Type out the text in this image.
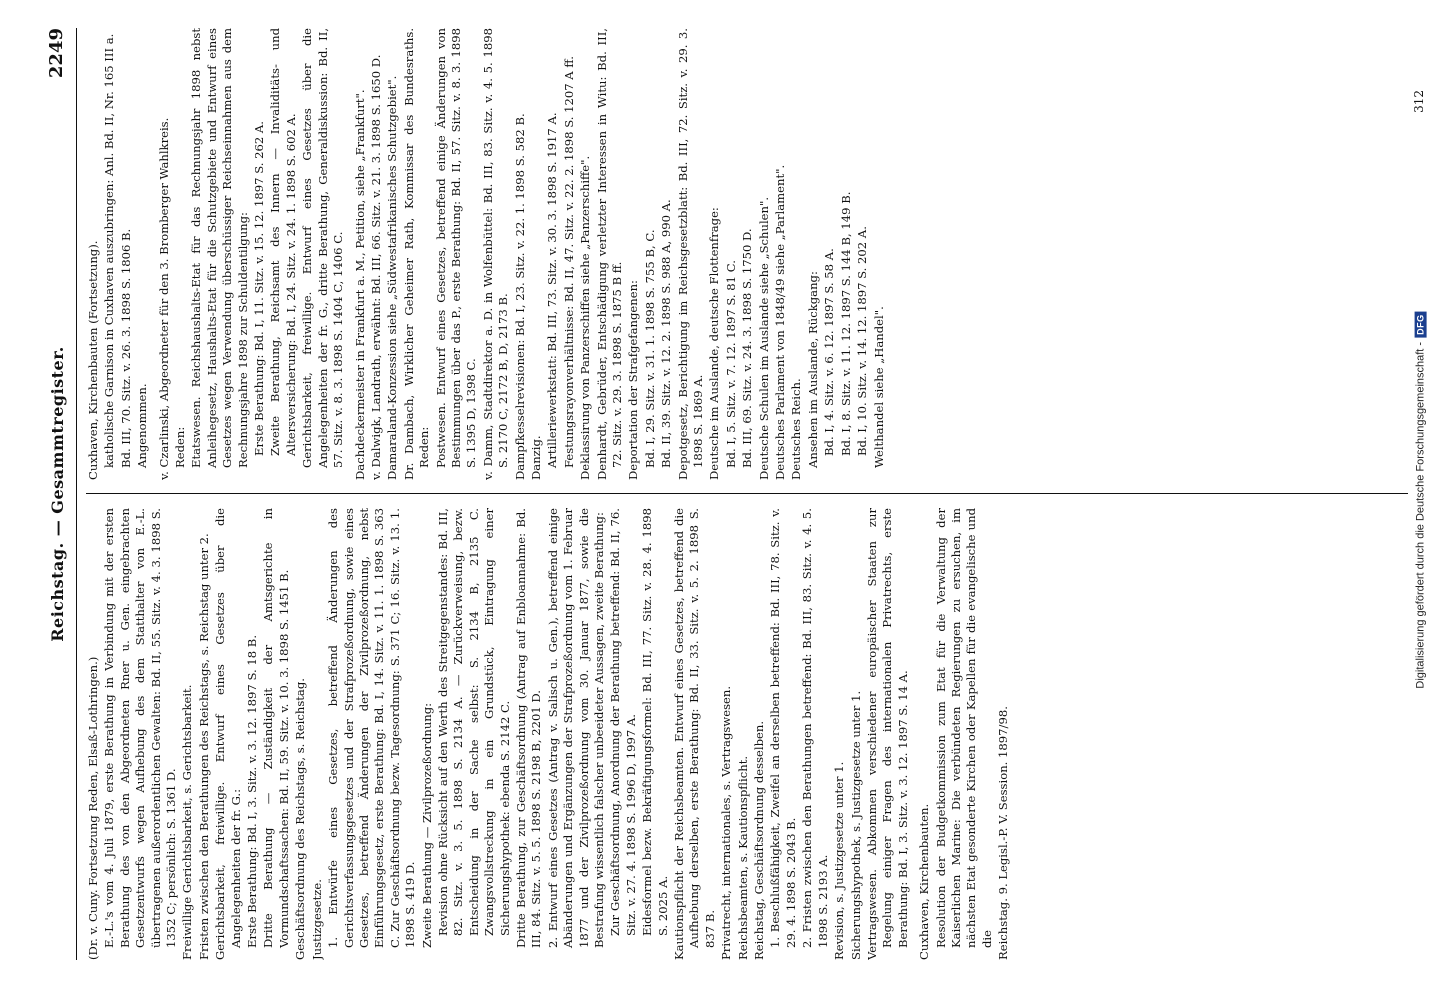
Reichstag. — Gesammtregister.
2249

(Dr. v. Cuny. Fortsetzung Reden, Elsaß-Lothringen.) E.-L.'s vom 4. Juli 1879, erste Berathung in Verbindung mit der ersten Berathung des von den Abgeordneten Rner u. Gen. eingebrachten Gesetzentwurfs wegen Aufhebung des dem Statthalter von E.-L. übertragenen außerordentlichen Gewalten: Bd. II, 55. Sitz. v. 4. 3. 1898 S. 1352 C; persönlich: S. 1361 D. Freiwillige Gerichtsbarkeit, s. Gerichtsbarkeit. Fristen zwischen den Berathungen des Reichstags, s. Reichstag unter 2. Gerichtsbarkeit, freiwillige. Entwurf eines Gesetzes über die Angelegenheiten der fr. G.: Erste Berathung: Bd. I, 3. Sitz. v. 3. 12. 1897 S. 18 B. Dritte Berathung — Zuständigkeit der Amtsgerichte in Vormundschaftssachen: Bd. II, 59. Sitz. v. 10. 3. 1898 S. 1451 B. Geschäftsordnung des Reichstags, s. Reichstag. Justizgesetze. 1. Entwürfe eines Gesetzes, betreffend Änderungen des Gerichtsverfassungsgesetzes und der Strafprozeßordnung, sowie eines Gesetzes, betreffend Änderungen der Zivilprozeßordnung, nebst Einführungsgesetz, erste Berathung: Bd. I, 14. Sitz. v. 11. 1. 1898 S. 363 C. Zur Geschäftsordnung bezw. Tagesordnung: S. 371 C; 16. Sitz. v. 13. 1. 1898 S. 419 D. Zweite Berathung — Zivilprozeßordnung: Revision ohne Rücksicht auf den Werth des Streitgegenstandes: Bd. III, 82. Sitz. v. 3. 5. 1898 S. 2134 A. — Zurückverweisung, bezw. Entscheidung in der Sache selbst: S. 2134 B, 2135 C. Zwangsvollstreckung in ein Grundstück, Eintragung einer Sicherungshypothek: ebenda S. 2142 C. Dritte Berathung, zur Geschäftsordnung (Antrag auf Enbloannahme: Bd. III, 84. Sitz. v. 5. 5. 1898 S. 2198 B, 2201 D. 2. Entwurf eines Gesetzes (Antrag v. Salisch u. Gen.), betreffend einige Abänderungen und Ergänzungen der Strafprozeßordnung vom 1. Februar 1877 und der Zivilprozeßordnung vom 30. Januar 1877, sowie die Bestrafung wissentlich falscher unbeeideter Aussagen, zweite Berathung: Zur Geschäftsordnung, Anordnung der Berathung betreffend: Bd. II, 76. Sitz. v. 27. 4. 1898 S. 1996 D, 1997 A. Eidesformel bezw. Bekräftigungsformel: Bd. III, 77. Sitz. v. 28. 4. 1898 S. 2025 A. Kautionspflicht der Reichsbeamten. Entwurf eines Gesetzes, betreffend die Aufhebung derselben, erste Berathung: Bd. II, 33. Sitz. v. 5. 2. 1898 S. 837 B. Privatrecht, internationales, s. Vertragswesen. Reichsbeamten, s. Kautionspflicht. Reichstag, Geschäftsordnung desselben. 1. Beschlußfähigkeit, Zweifel an derselben betreffend: Bd. III, 78. Sitz. v. 29. 4. 1898 S. 2043 B. 2. Fristen zwischen den Berathungen betreffend: Bd. III, 83. Sitz. v. 4. 5. 1898 S. 2193 A. Revision, s. Justizgesetze unter 1. Sicherungshypothek, s. Justizgesetze unter 1. Vertragswesen. Abkommen verschiedener europäischer Staaten zur Regelung einiger Fragen des internationalen Privatrechts, erste Berathung: Bd. I, 3. Sitz. v. 3. 12. 1897 S. 14 A. Cuxhaven, Kirchenbauten. Resolution der Budgetkommission zum Etat für die Verwaltung der Kaiserlichen Marine: Die verbündeten Regierungen zu ersuchen, im nächsten Etat gesonderte Kirchen oder Kapellen für die evangelische und die Reichstag. 9. Legisl.-P. V. Session. 1897/98.

Cuxhaven, Kirchenbauten (Fortsetzung). katholische Garnison in Cuxhaven auszubringen: Anl. Bd. II, Nr. 165 III a. Bd. III, 70. Sitz. v. 26. 3. 1898 S. 1806 B. Angenommen. v. Czarlinski, Abgeordneter für den 3. Bromberger Wahlkreis. Reden: Etatswesen. Reichshaushalts-Etat für das Rechnungsjahr 1898 nebst Anleihegesetz, Haushalts-Etat für die Schutzgebiete und Entwurf eines Gesetzes wegen Verwendung überschüssiger Reichseinnahmen aus dem Rechnungsjahre 1898 zur Schuldentilgung: Erste Berathung: Bd. I, 11. Sitz. v. 15. 12. 1897 S. 262 A. Zweite Berathung, Reichsamt des Innern — Invaliditäts- und Altersversicherung: Bd. I, 24. Sitz. v. 24. 1. 1898 S. 602 A. Gerichtsbarkeit, freiwillige. Entwurf eines Gesetzes über die Angelegenheiten der fr. G., dritte Berathung, Generaldiskussion: Bd. II, 57. Sitz. v. 8. 3. 1898 S. 1404 C, 1406 C. Dachdeckermeister in Frankfurt a. M., Petition, siehe „Frankfurt". v. Dalwigk, Landrath, erwähnt: Bd. III, 66. Sitz. v. 21. 3. 1898 S. 1650 D. Damaraland-Konzession siehe „Südwestafrikanisches Schutzgebiet". Dr. Dambach, Wirklicher Geheimer Rath, Kommissar des Bundesraths. Reden: Postwesen. Entwurf eines Gesetzes, betreffend einige Änderungen von Bestimmungen über das P., erste Berathung: Bd. II, 57. Sitz. v. 8. 3. 1898 S. 1395 D, 1398 C. v. Damm, Stadtdirektor a. D. in Wolfenbüttel: Bd. III, 83. Sitz. v. 4. 5. 1898 S. 2170 C, 2172 B, D, 2173 B. Dampfkesselrevisionen: Bd. I, 23. Sitz. v. 22. 1. 1898 S. 582 B. Danzig. Artilleriewerkstatt: Bd. III, 73. Sitz. v. 30. 3. 1898 S. 1917 A. Festungsrayonverhältnisse: Bd. II, 47. Sitz. v. 22. 2. 1898 S. 1207 A ff. Deklassirung von Panzerschiffen siehe „Panzerschiffe". Denhardt, Gebrüder, Entschädigung verletzter Interessen in Witu: Bd. III, 72. Sitz. v. 29. 3. 1898 S. 1875 B ff. Deportation der Strafgefangenen: Bd. I, 29. Sitz. v. 31. 1. 1898 S. 755 B, C. Bd. II, 39. Sitz. v. 12. 2. 1898 S. 988 A, 990 A. Depotgesetz, Berichtigung im Reichsgesetzblatt: Bd. III, 72. Sitz. v. 29. 3. 1898 S. 1869 A. Deutsche im Auslande, deutsche Flottenfrage: Bd. I, 5. Sitz. v. 7. 12. 1897 S. 81 C. Bd. III, 69. Sitz. v. 24. 3. 1898 S. 1750 D. Deutsche Schulen im Auslande siehe „Schulen". Deutsches Parlament von 1848/49 siehe „Parlament". Deutsches Reich. Ansehen im Auslande, Rückgang: Bd. I, 4. Sitz. v. 6. 12. 1897 S. 58 A. Bd. I, 8. Sitz. v. 11. 12. 1897 S. 144 B, 149 B. Bd. I, 10. Sitz. v. 14. 12. 1897 S. 202 A. Welthandel siehe „Handel".

312
Digitalisierung gefördert durch die Deutsche Forschungsgemeinschaft -
DFG
